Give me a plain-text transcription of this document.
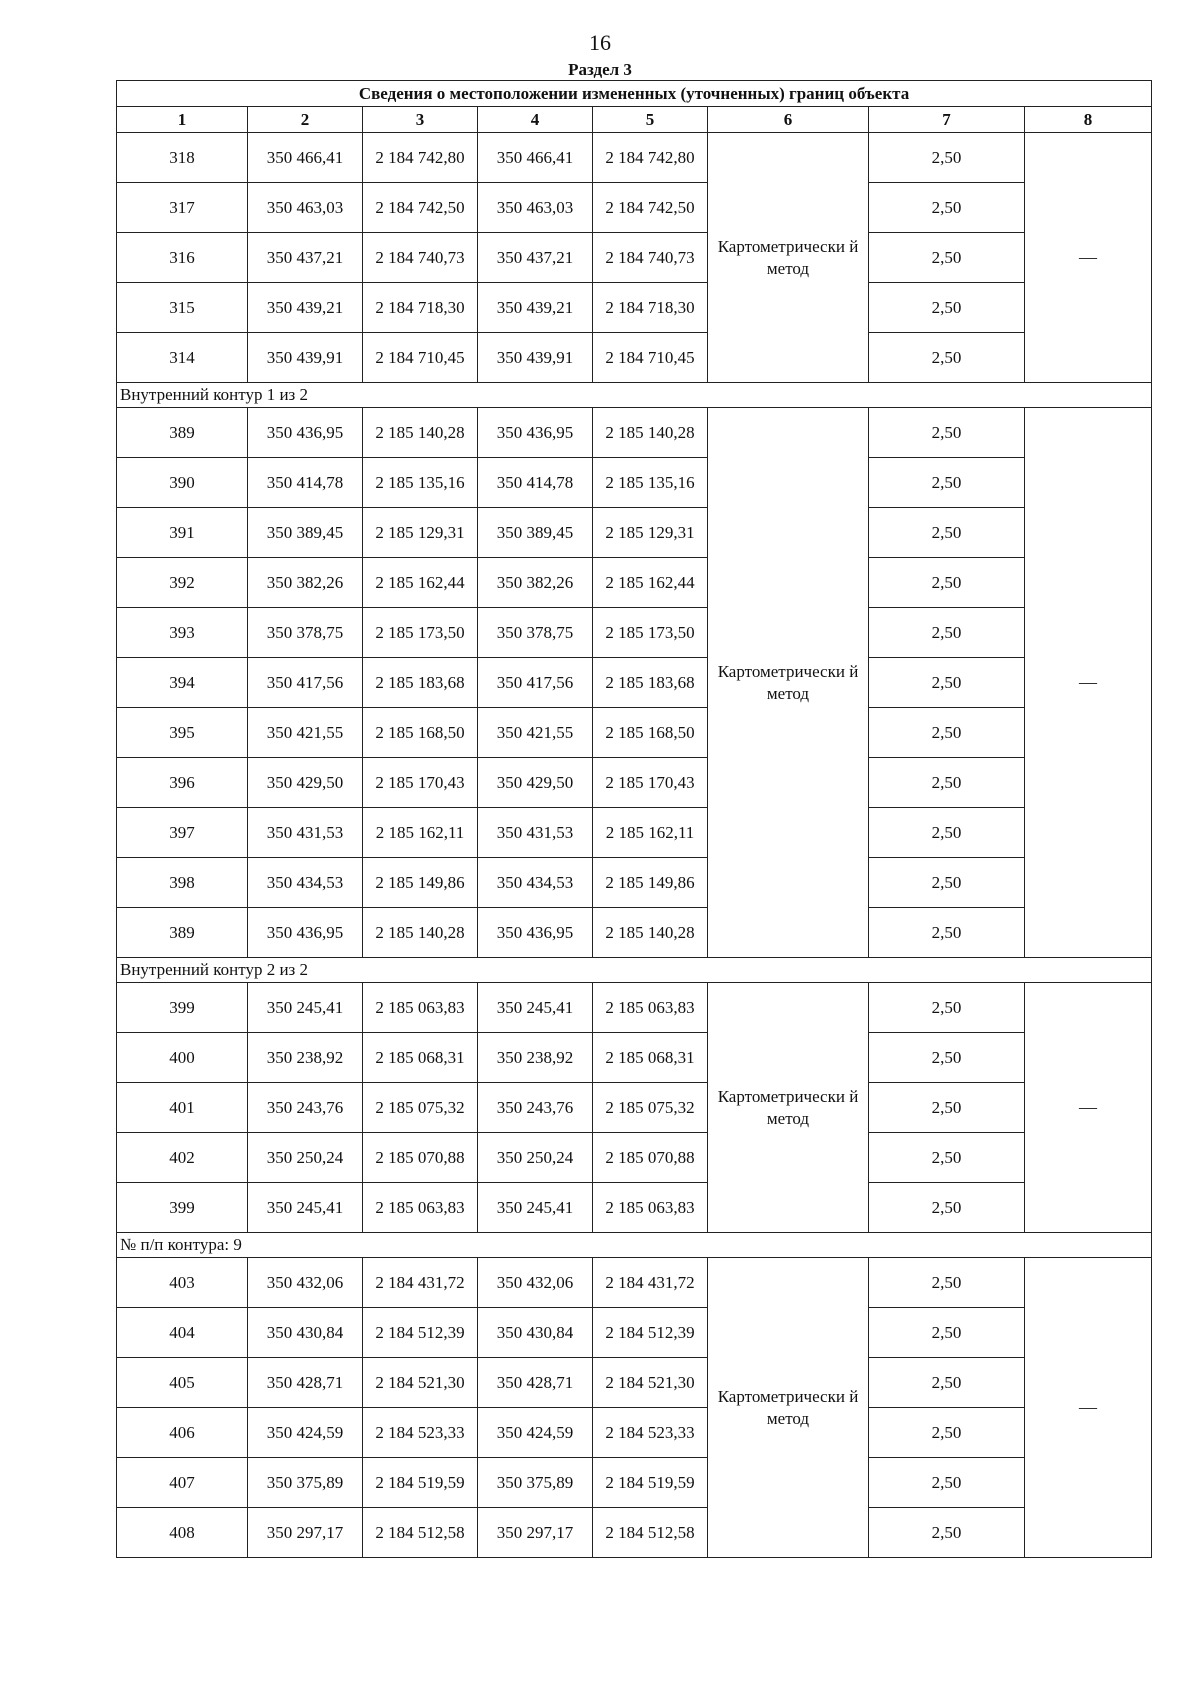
16
Раздел 3
Сведения о местоположении измененных (уточненных) границ объекта							
1	2	3	4	5	6	7	8
318	350 466,41	2 184 742,80	350 466,41	2 184 742,80	Картометрически й метод	2,50	—
317	350 463,03	2 184 742,50	350 463,03	2 184 742,50		2,50	
316	350 437,21	2 184 740,73	350 437,21	2 184 740,73		2,50	
315	350 439,21	2 184 718,30	350 439,21	2 184 718,30		2,50	
314	350 439,91	2 184 710,45	350 439,91	2 184 710,45		2,50	
Внутренний контур 1 из 2							
389	350 436,95	2 185 140,28	350 436,95	2 185 140,28	Картометрически й метод	2,50	—
390	350 414,78	2 185 135,16	350 414,78	2 185 135,16		2,50	
391	350 389,45	2 185 129,31	350 389,45	2 185 129,31		2,50	
392	350 382,26	2 185 162,44	350 382,26	2 185 162,44		2,50	
393	350 378,75	2 185 173,50	350 378,75	2 185 173,50		2,50	
394	350 417,56	2 185 183,68	350 417,56	2 185 183,68		2,50	
395	350 421,55	2 185 168,50	350 421,55	2 185 168,50		2,50	
396	350 429,50	2 185 170,43	350 429,50	2 185 170,43		2,50	
397	350 431,53	2 185 162,11	350 431,53	2 185 162,11		2,50	
398	350 434,53	2 185 149,86	350 434,53	2 185 149,86		2,50	
389	350 436,95	2 185 140,28	350 436,95	2 185 140,28		2,50	
Внутренний контур 2 из 2							
399	350 245,41	2 185 063,83	350 245,41	2 185 063,83	Картометрически й метод	2,50	—
400	350 238,92	2 185 068,31	350 238,92	2 185 068,31		2,50	
401	350 243,76	2 185 075,32	350 243,76	2 185 075,32		2,50	
402	350 250,24	2 185 070,88	350 250,24	2 185 070,88		2,50	
399	350 245,41	2 185 063,83	350 245,41	2 185 063,83		2,50	
№ п/п контура: 9							
403	350 432,06	2 184 431,72	350 432,06	2 184 431,72	Картометрически й метод	2,50	—
404	350 430,84	2 184 512,39	350 430,84	2 184 512,39		2,50	
405	350 428,71	2 184 521,30	350 428,71	2 184 521,30		2,50	
406	350 424,59	2 184 523,33	350 424,59	2 184 523,33		2,50	
407	350 375,89	2 184 519,59	350 375,89	2 184 519,59		2,50	
408	350 297,17	2 184 512,58	350 297,17	2 184 512,58		2,50	
